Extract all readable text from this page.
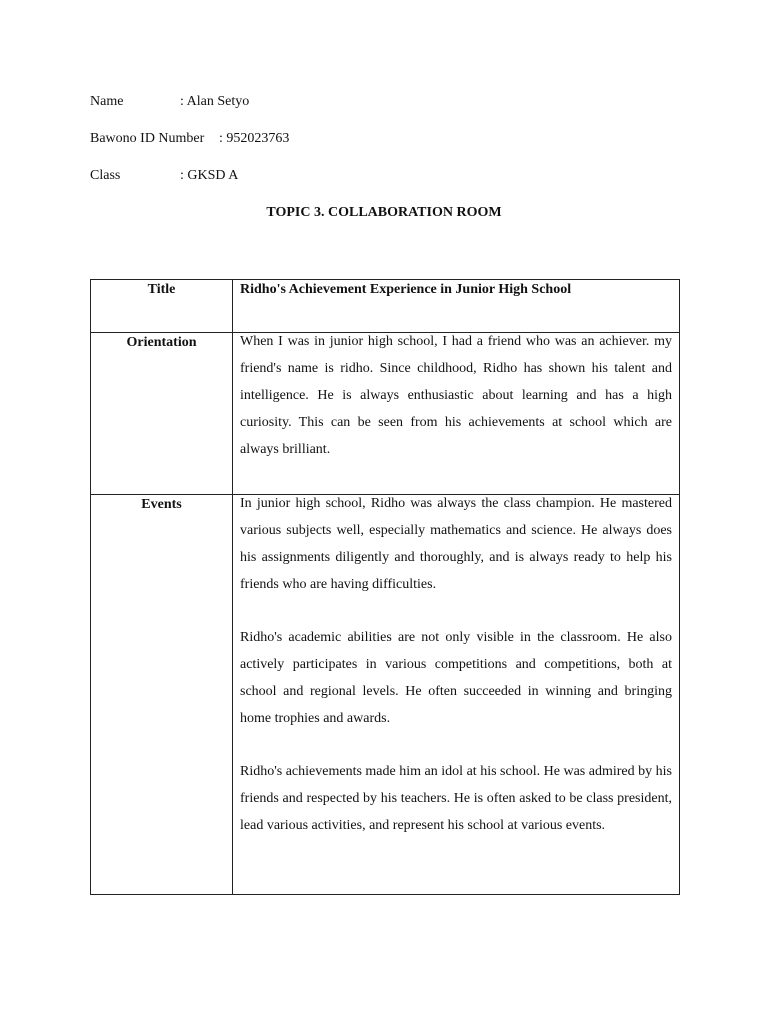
Name	: Alan Setyo
Bawono ID Number : 952023763
Class	: GKSD A
TOPIC 3. COLLABORATION ROOM
Title	Ridho's Achievement Experience in Junior High School

Orientation	When I was in junior high school, I had a friend who was an achiever. my friend's name is ridho. Since childhood, Ridho has shown his talent and intelligence. He is always enthusiastic about learning and has a high curiosity. This can be seen from his achievements at school which are always brilliant.

Events	In junior high school, Ridho was always the class champion. He mastered various subjects well, especially mathematics and science. He always does his assignments diligently and thoroughly, and is always ready to help his friends who are having difficulties.

Ridho's academic abilities are not only visible in the classroom. He also actively participates in various competitions and competitions, both at school and regional levels. He often succeeded in winning and bringing home trophies and awards.

Ridho's achievements made him an idol at his school. He was admired by his friends and respected by his teachers. He is often asked to be class president, lead various activities, and represent his school at various events.
